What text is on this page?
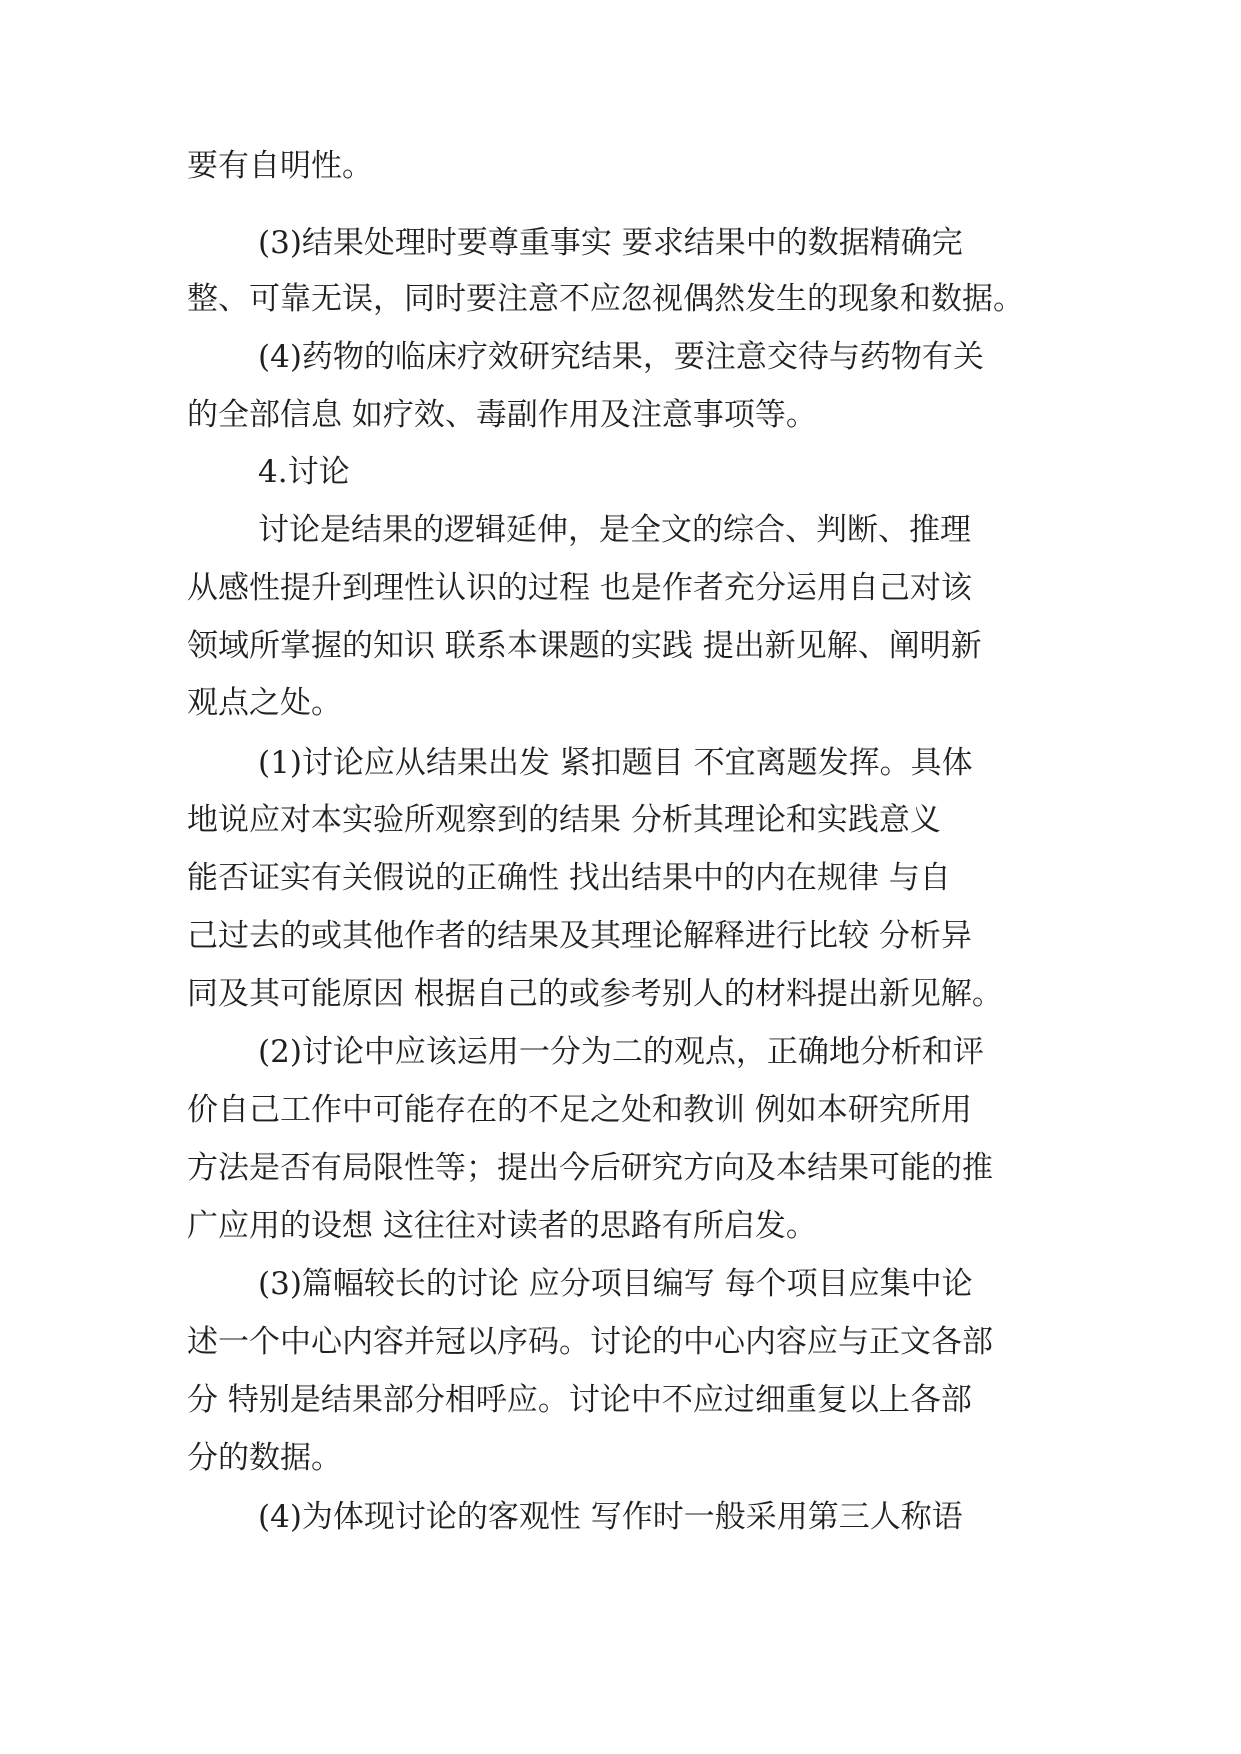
要有自明性。
(3)结果处理时要尊重事实 要求结果中的数据精确完
整、可靠无误，同时要注意不应忽视偶然发生的现象和数据。
(4)药物的临床疗效研究结果，要注意交待与药物有关
的全部信息 如疗效、毒副作用及注意事项等。
4.讨论
讨论是结果的逻辑延伸，是全文的综合、判断、推理
从感性提升到理性认识的过程 也是作者充分运用自己对该
领域所掌握的知识 联系本课题的实践 提出新见解、阐明新
观点之处。
(1)讨论应从结果出发 紧扣题目 不宜离题发挥。具体
地说应对本实验所观察到的结果 分析其理论和实践意义
能否证实有关假说的正确性 找出结果中的内在规律 与自
己过去的或其他作者的结果及其理论解释进行比较 分析异
同及其可能原因 根据自己的或参考别人的材料提出新见解。
(2)讨论中应该运用一分为二的观点，正确地分析和评
价自己工作中可能存在的不足之处和教训 例如本研究所用
方法是否有局限性等；提出今后研究方向及本结果可能的推
广应用的设想 这往往对读者的思路有所启发。
(3)篇幅较长的讨论 应分项目编写 每个项目应集中论
述一个中心内容并冠以序码。讨论的中心内容应与正文各部
分 特别是结果部分相呼应。讨论中不应过细重复以上各部
分的数据。
(4)为体现讨论的客观性 写作时一般采用第三人称语
